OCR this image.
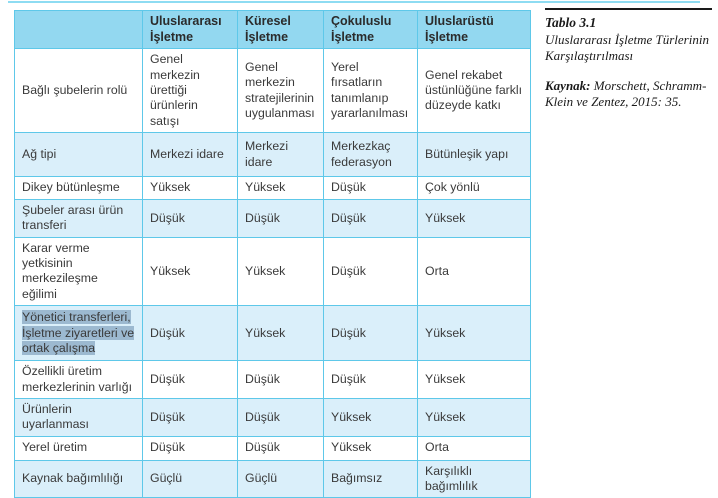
	Uluslararası İşletme	Küresel İşletme	Çokuluslu İşletme	Uluslarüstü İşletme
Bağlı şubelerin rolü	Genel merkezin ürettiği ürünlerin satışı	Genel merkezin stratejilerinin uygulanması	Yerel fırsatların tanımlanıp yararlanılması	Genel rekabet üstünlüğüne farklı düzeyde katkı
Ağ tipi	Merkezi idare	Merkezi idare	Merkezkaç federasyon	Bütünleşik yapı
Dikey bütünleşme	Yüksek	Yüksek	Düşük	Çok yönlü
Şubeler arası ürün transferi	Düşük	Düşük	Düşük	Yüksek
Karar verme yetkisinin merkezileşme eğilimi	Yüksek	Yüksek	Düşük	Orta
Yönetici transferleri, İşletme ziyaretleri ve ortak çalışma	Düşük	Yüksek	Düşük	Yüksek
Özellikli üretim merkezlerinin varlığı	Düşük	Düşük	Düşük	Yüksek
Ürünlerin uyarlanması	Düşük	Düşük	Yüksek	Yüksek
Yerel üretim	Düşük	Düşük	Yüksek	Orta
Kaynak bağımlılığı	Güçlü	Güçlü	Bağımsız	Karşılıklı bağımlılık
Tablo 3.1
Uluslararası İşletme Türlerinin Karşılaştırılması
Kaynak: Morschett, Schramm-Klein ve Zentez, 2015: 35.
